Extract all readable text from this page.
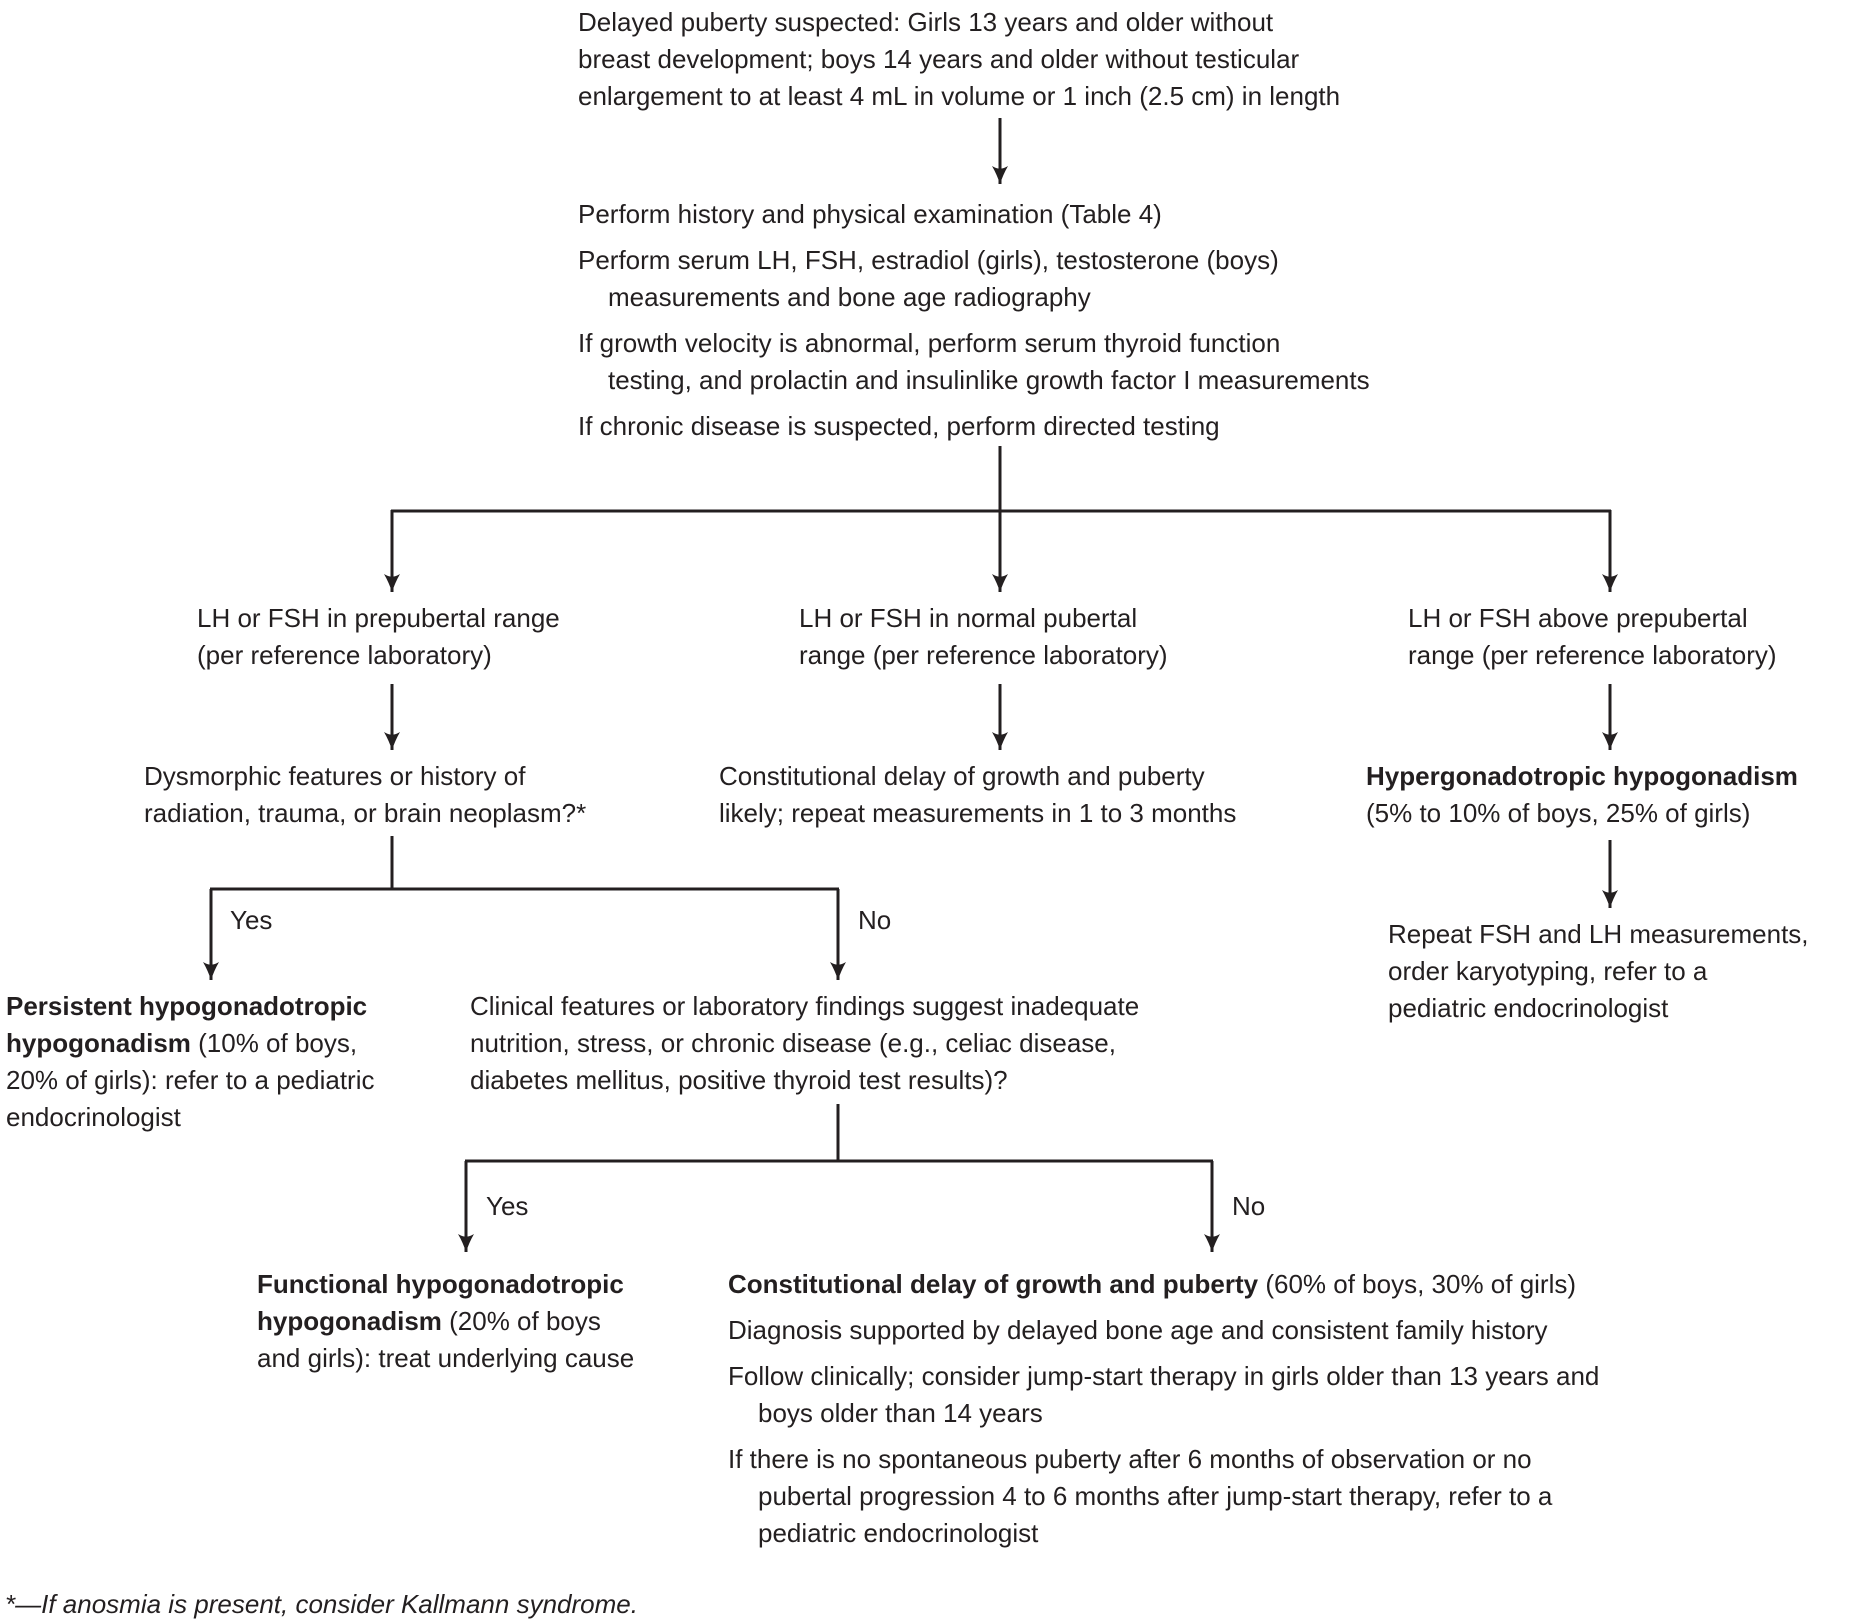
Delayed puberty suspected: Girls 13 years and older without
breast development; boys 14 years and older without testicular
enlargement to at least 4 mL in volume or 1 inch (2.5 cm) in length
Perform history and physical examination (Table 4)
Perform serum LH, FSH, estradiol (girls), testosterone (boys)
measurements and bone age radiography
If growth velocity is abnormal, perform serum thyroid function
testing, and prolactin and insulinlike growth factor I measurements
If chronic disease is suspected, perform directed testing
LH or FSH in prepubertal range
(per reference laboratory)
LH or FSH in normal pubertal
range (per reference laboratory)
LH or FSH above prepubertal
range (per reference laboratory)
Dysmorphic features or history of
radiation, trauma, or brain neoplasm?*
Constitutional delay of growth and puberty
likely; repeat measurements in 1 to 3 months
Hypergonadotropic hypogonadism
(5% to 10% of boys, 25% of girls)
Repeat FSH and LH measurements,
order karyotyping, refer to a
pediatric endocrinologist
Yes	No
Persistent hypogonadotropic
hypogonadism (10% of boys,
20% of girls): refer to a pediatric
endocrinologist
Clinical features or laboratory findings suggest inadequate
nutrition, stress, or chronic disease (e.g., celiac disease,
diabetes mellitus, positive thyroid test results)?
Yes	No
Functional hypogonadotropic
hypogonadism (20% of boys
and girls): treat underlying cause
Constitutional delay of growth and puberty (60% of boys, 30% of girls)
Diagnosis supported by delayed bone age and consistent family history
Follow clinically; consider jump-start therapy in girls older than 13 years and
boys older than 14 years
If there is no spontaneous puberty after 6 months of observation or no
pubertal progression 4 to 6 months after jump-start therapy, refer to a
pediatric endocrinologist
*—If anosmia is present, consider Kallmann syndrome.
